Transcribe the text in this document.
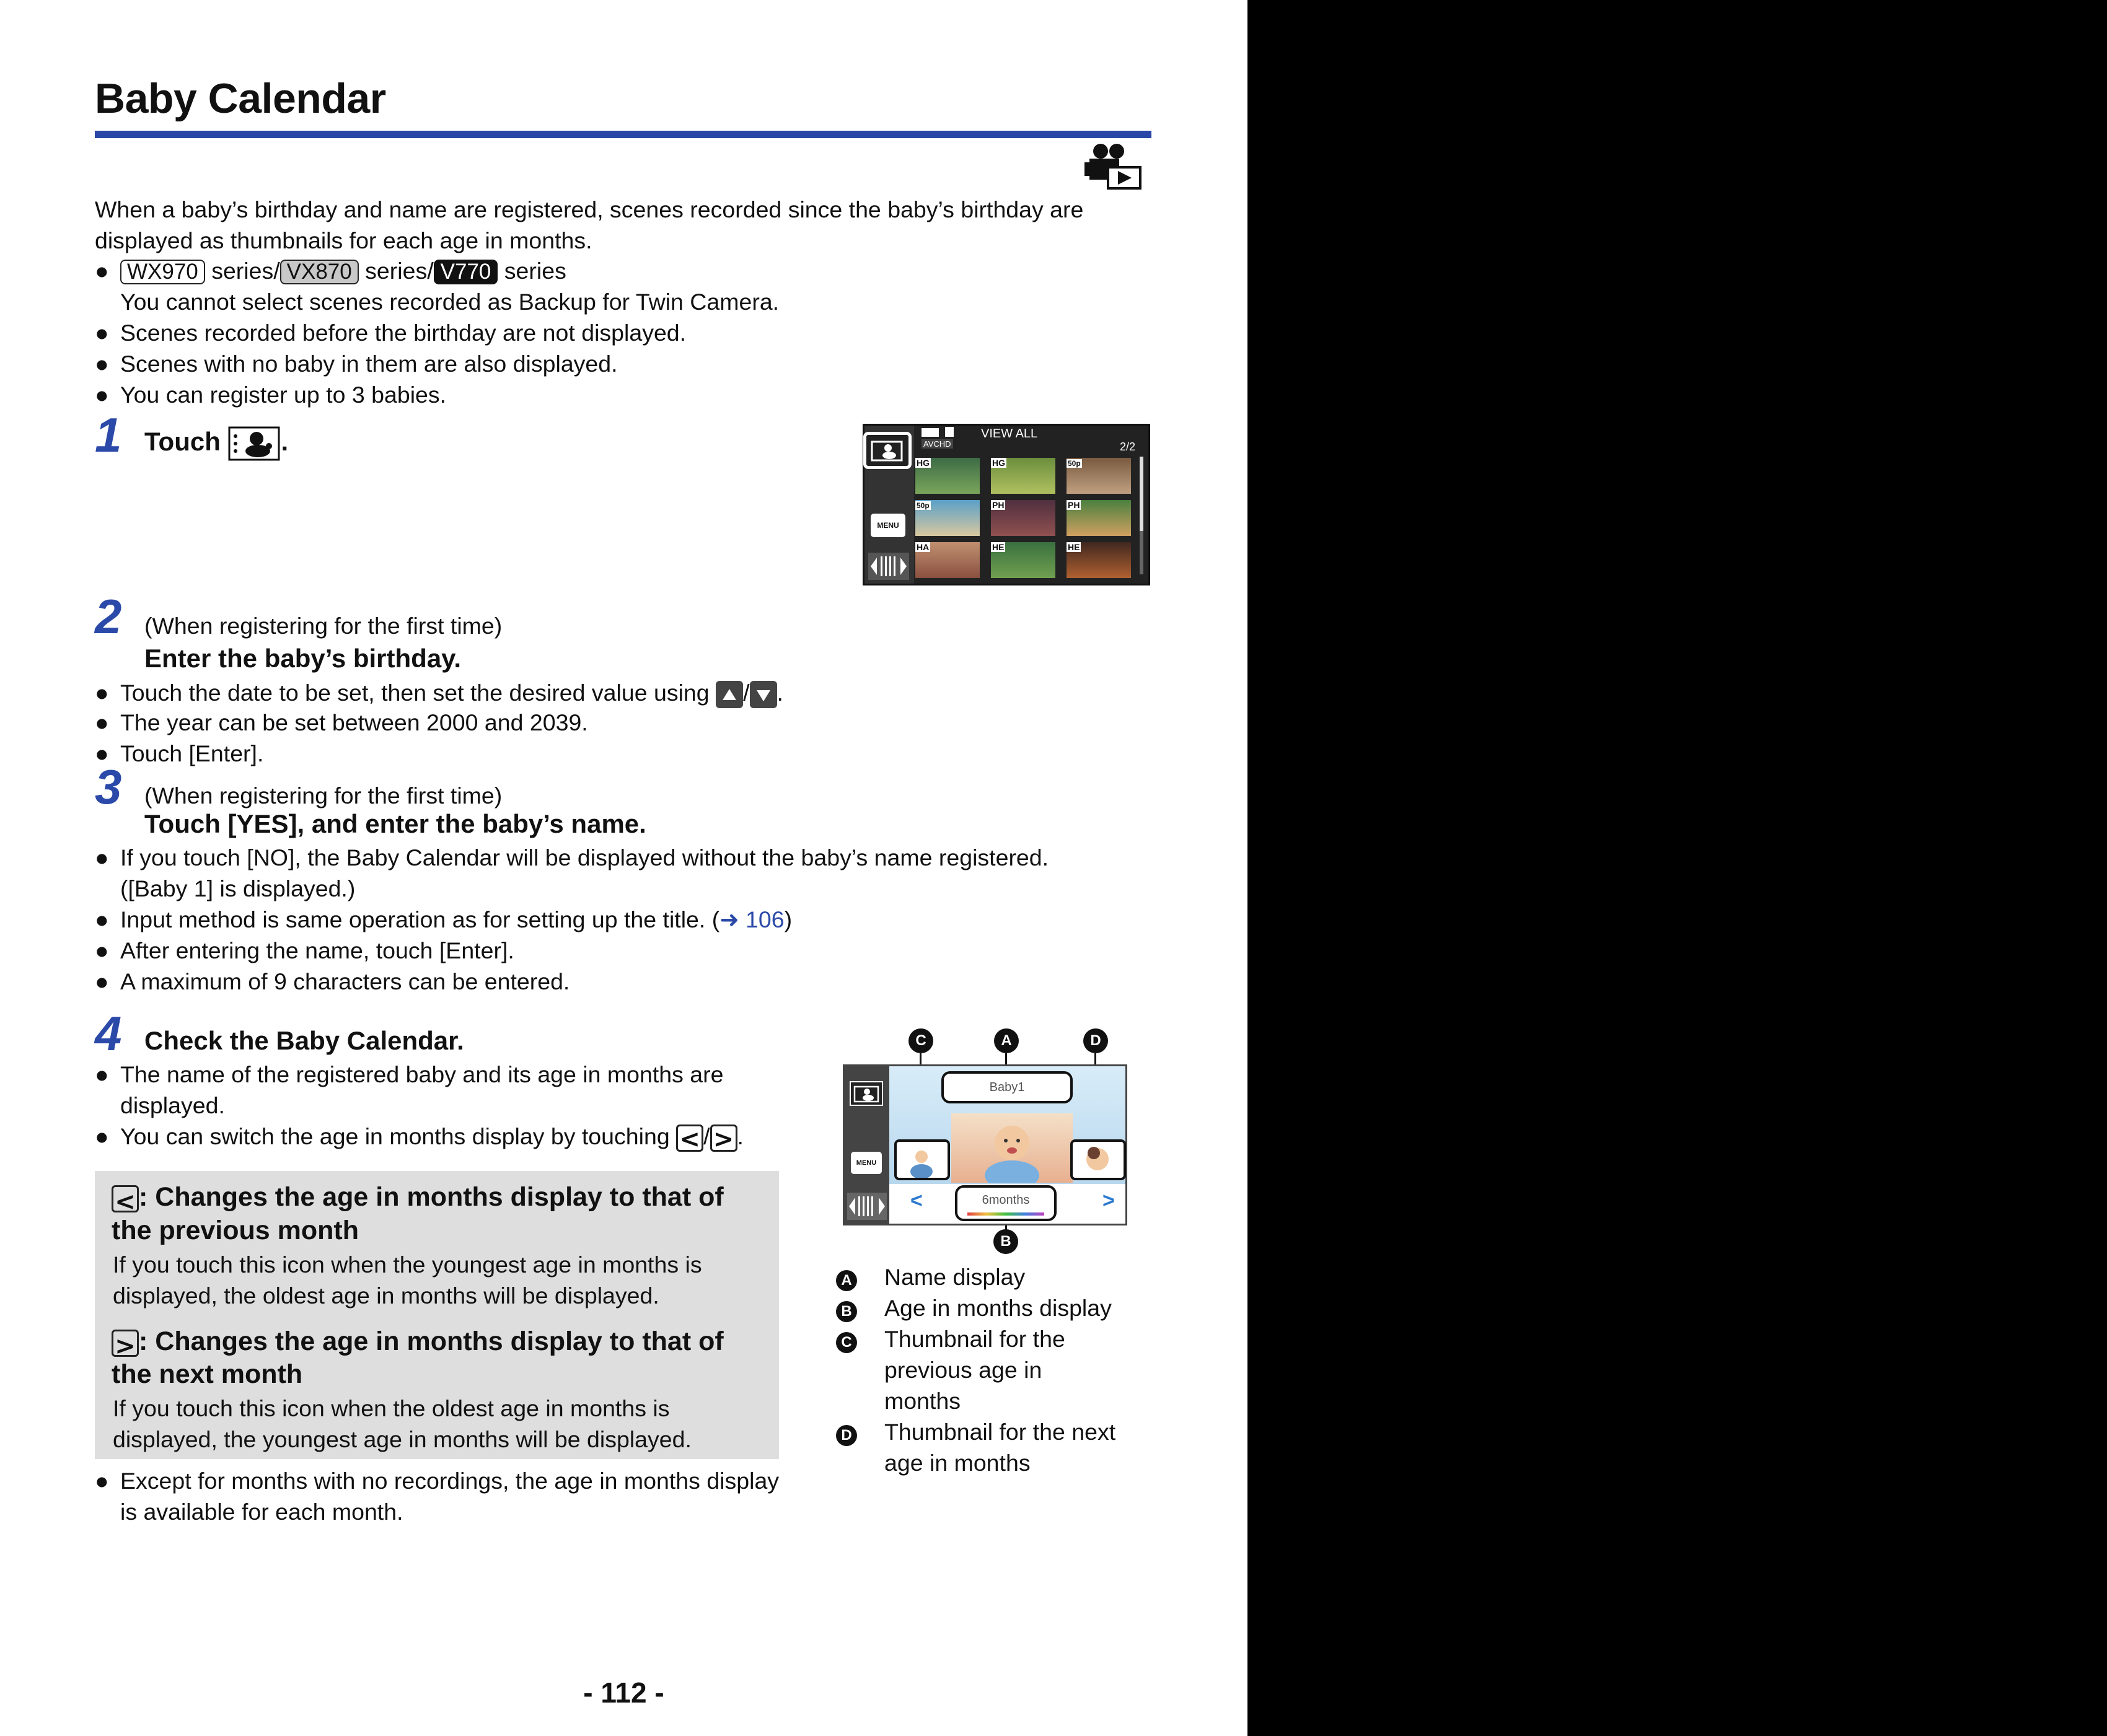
Baby Calendar
When a baby’s birthday and name are registered, scenes recorded since the baby’s birthday are displayed as thumbnails for each age in months.
● WX970 series/ VX870 series/ V770 series
You cannot select scenes recorded as Backup for Twin Camera.
● Scenes recorded before the birthday are not displayed.
● Scenes with no baby in them are also displayed.
● You can register up to 3 babies.
1 Touch .
MENU
AVCHD
VIEW ALL
2/2
HG	HG	50p
50p	PH	PH
HA	HE	HE
2 (When registering for the first time)
Enter the baby’s birthday.
● Touch the date to be set, then set the desired value using / .
● The year can be set between 2000 and 2039.
● Touch [Enter].
3 (When registering for the first time)
Touch [YES], and enter the baby’s name.
● If you touch [NO], the Baby Calendar will be displayed without the baby’s name registered.
([Baby 1] is displayed.)
● Input method is same operation as for setting up the title. (➜ 106)
● After entering the name, touch [Enter].
● A maximum of 9 characters can be entered.
4 Check the Baby Calendar.
● The name of the registered baby and its age in months are
displayed.
● You can switch the age in months display by touching < / > .
< : Changes the age in months display to that of
the previous month
If you touch this icon when the youngest age in months is
displayed, the oldest age in months will be displayed.
> : Changes the age in months display to that of
the next month
If you touch this icon when the oldest age in months is
displayed, the youngest age in months will be displayed.
● Except for months with no recordings, the age in months display
is available for each month.
C	A	D
B
MENU
Baby1
<	>
6months
A Name display
B Age in months display
C Thumbnail for the
previous age in
months
D Thumbnail for the next
age in months
- 112 -
